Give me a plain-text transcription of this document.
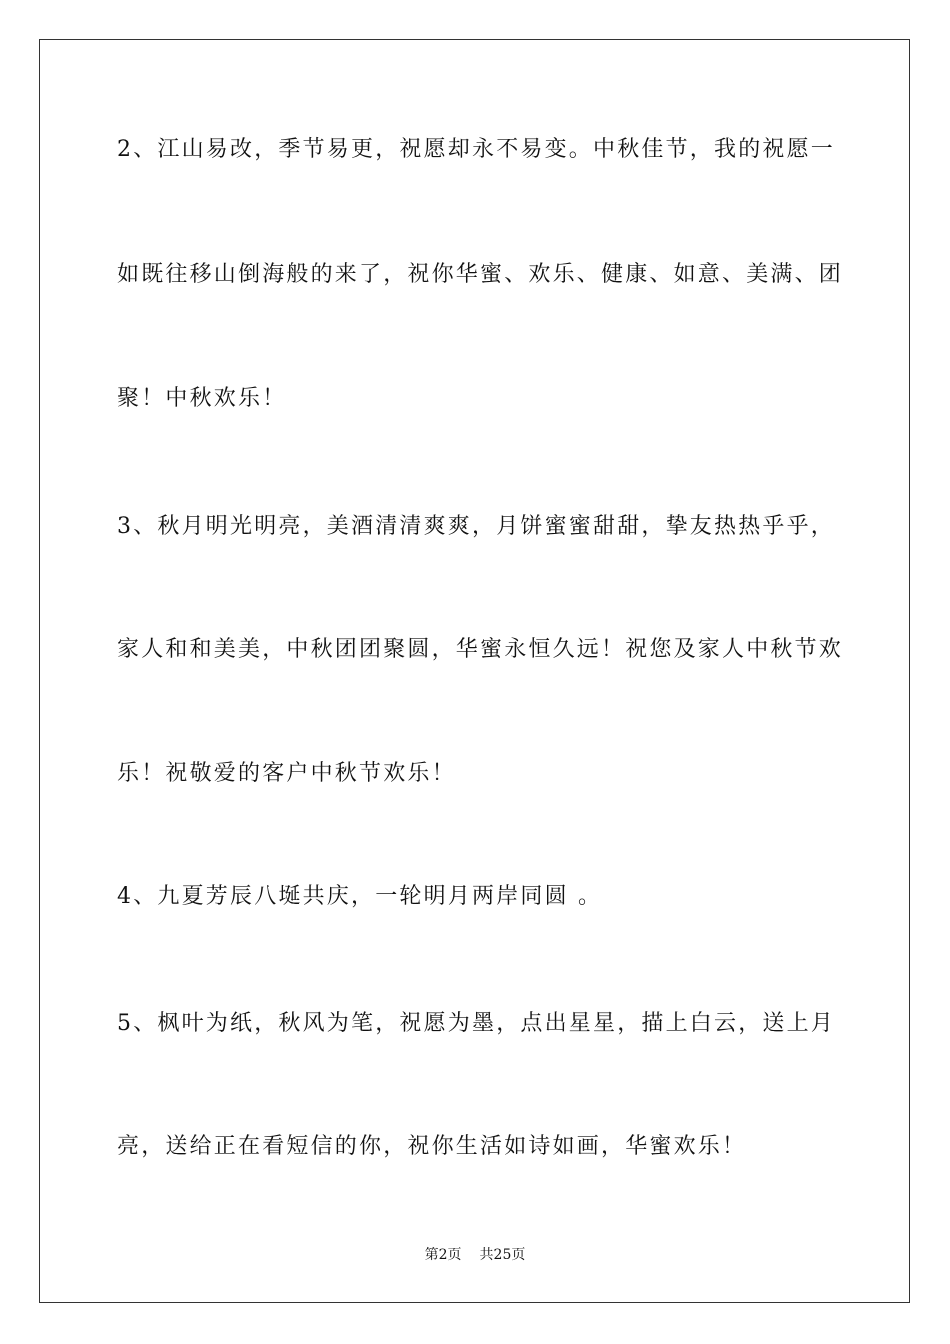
2、江山易改，季节易更，祝愿却永不易变。中秋佳节，我的祝愿一
如既往移山倒海般的来了，祝你华蜜、欢乐、健康、如意、美满、团
聚！中秋欢乐！
3、秋月明光明亮，美酒清清爽爽，月饼蜜蜜甜甜，挚友热热乎乎，
家人和和美美，中秋团团聚圆，华蜜永恒久远！祝您及家人中秋节欢
乐！祝敬爱的客户中秋节欢乐！
4、九夏芳辰八埏共庆，一轮明月两岸同圆 。
5、枫叶为纸，秋风为笔，祝愿为墨，点出星星，描上白云，送上月
亮，送给正在看短信的你，祝你生活如诗如画，华蜜欢乐！
第2页 共25页
